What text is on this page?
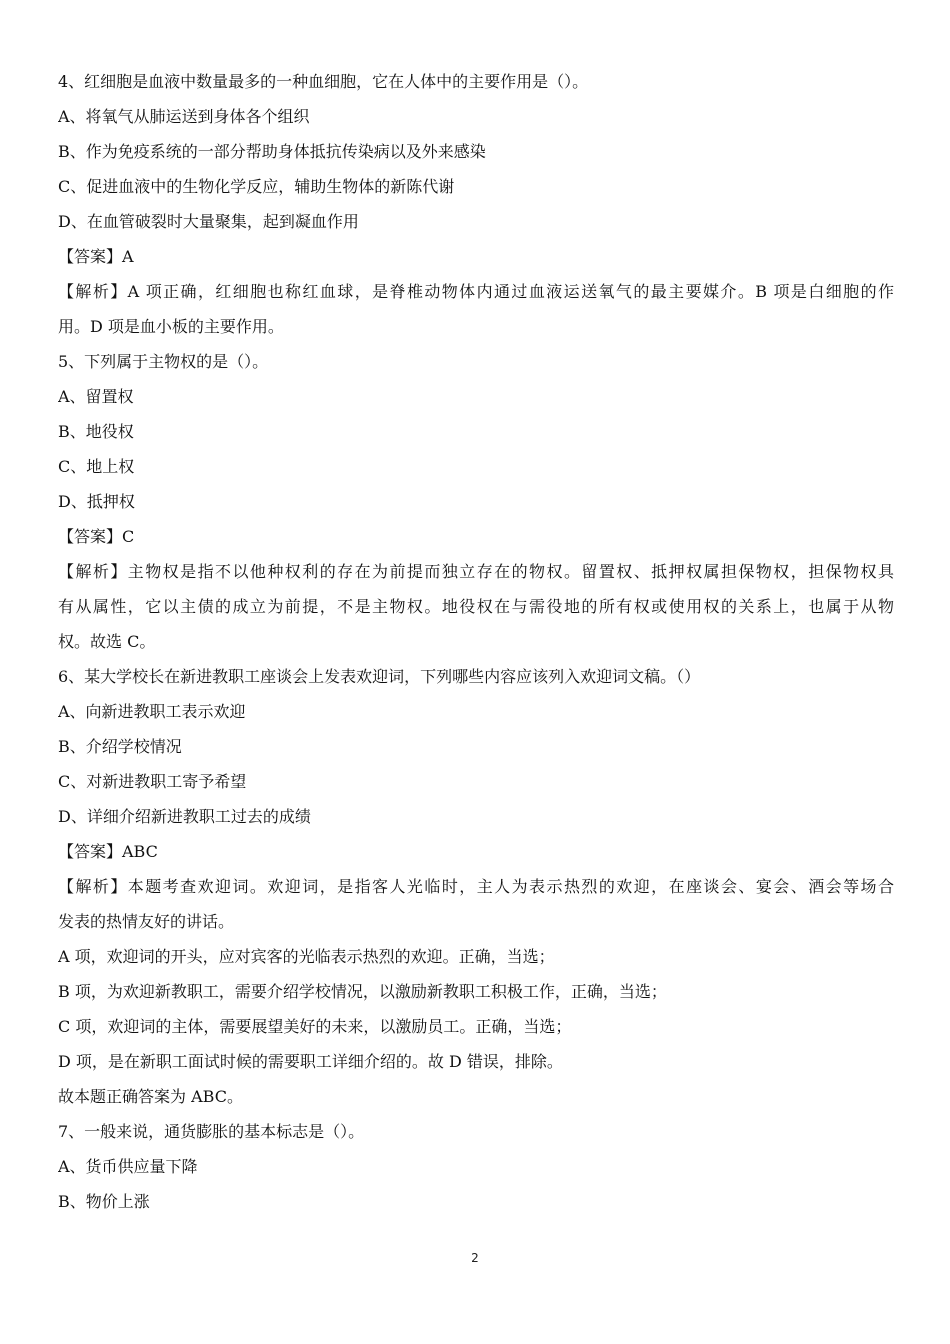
4、红细胞是血液中数量最多的一种血细胞，它在人体中的主要作用是（）。
A、将氧气从肺运送到身体各个组织
B、作为免疫系统的一部分帮助身体抵抗传染病以及外来感染
C、促进血液中的生物化学反应，辅助生物体的新陈代谢
D、在血管破裂时大量聚集，起到凝血作用
【答案】A
【解析】A 项正确，红细胞也称红血球，是脊椎动物体内通过血液运送氧气的最主要媒介。B 项是白细胞的作
用。D 项是血小板的主要作用。
5、下列属于主物权的是（）。
A、留置权
B、地役权
C、地上权
D、抵押权
【答案】C
【解析】主物权是指不以他种权利的存在为前提而独立存在的物权。留置权、抵押权属担保物权，担保物权具
有从属性，它以主债的成立为前提，不是主物权。地役权在与需役地的所有权或使用权的关系上，也属于从物
权。故选 C。
6、某大学校长在新进教职工座谈会上发表欢迎词，下列哪些内容应该列入欢迎词文稿。（）
A、向新进教职工表示欢迎
B、介绍学校情况
C、对新进教职工寄予希望
D、详细介绍新进教职工过去的成绩
【答案】ABC
【解析】本题考查欢迎词。欢迎词，是指客人光临时，主人为表示热烈的欢迎，在座谈会、宴会、酒会等场合
发表的热情友好的讲话。
A 项，欢迎词的开头，应对宾客的光临表示热烈的欢迎。正确，当选；
B 项，为欢迎新教职工，需要介绍学校情况，以激励新教职工积极工作，正确，当选；
C 项，欢迎词的主体，需要展望美好的未来，以激励员工。正确，当选；
D 项，是在新职工面试时候的需要职工详细介绍的。故 D 错误，排除。
故本题正确答案为 ABC。
7、一般来说，通货膨胀的基本标志是（）。
A、货币供应量下降
B、物价上涨
2
